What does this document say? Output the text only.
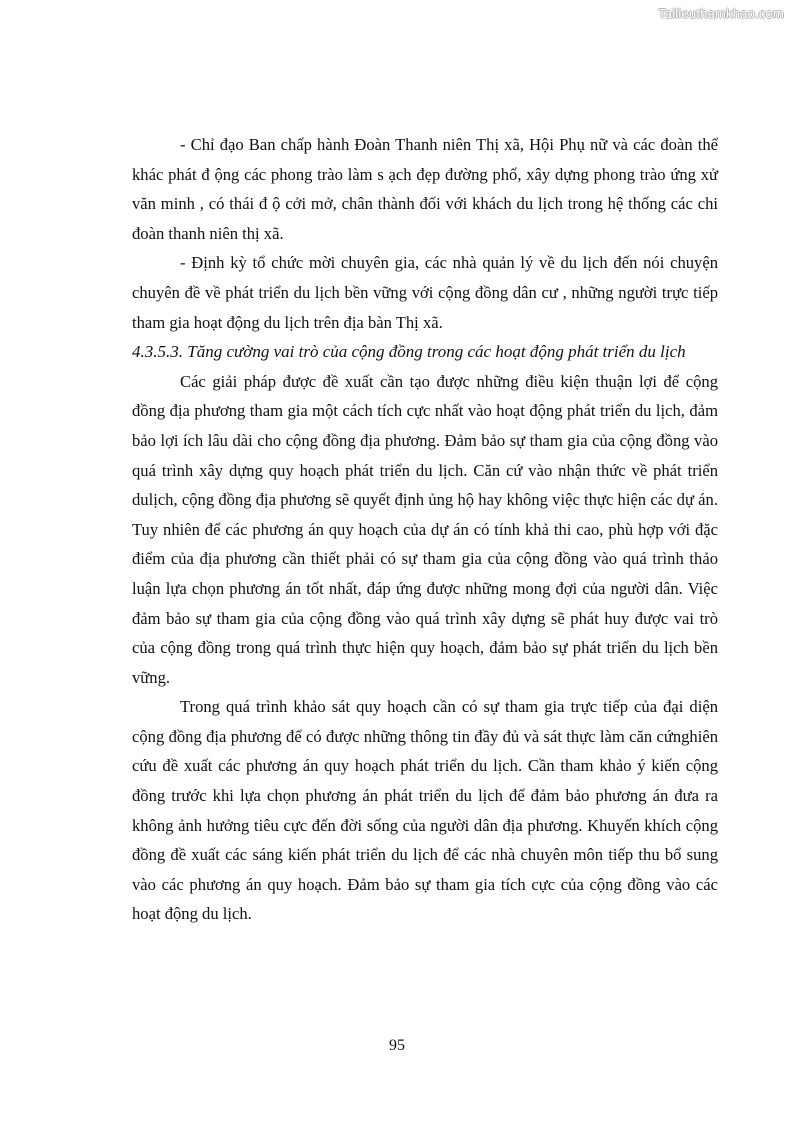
Tailieuthamkhao.com

- Chỉ đạo Ban chấp hành Đoàn Thanh niên Thị xã, Hội Phụ nữ và các đoàn thể khác phát đ ộng các phong trào làm s ạch đẹp đường phố, xây dựng phong trào ứng xử văn minh , có thái đ ộ cởi mở, chân thành đối với khách du lịch trong hệ thống các chi đoàn thanh niên thị xã.

- Định kỳ tổ chức mời chuyên gia, các nhà quản lý về du lịch đến nói chuyện chuyên đề về phát triển du lịch bền vững với cộng đồng dân cư , những người trực tiếp tham gia hoạt động du lịch trên địa bàn Thị xã.

4.3.5.3. Tăng cường vai trò của cộng đồng trong các hoạt động phát triển du lịch

Các giải pháp được đề xuất cần tạo được những điều kiện thuận lợi để cộng đồng địa phương tham gia một cách tích cực nhất vào hoạt động phát triển du lịch, đảm bảo lợi ích lâu dài cho cộng đồng địa phương. Đảm bảo sự tham gia của cộng đồng vào quá trình xây dựng quy hoạch phát triển du lịch. Căn cứ vào nhận thức về phát triển dulịch, cộng đồng địa phương sẽ quyết định ủng hộ hay không việc thực hiện các dự án. Tuy nhiên để các phương án quy hoạch của dự án có tính khả thi cao, phù hợp với đặc điểm của địa phương cần thiết phải có sự tham gia của cộng đồng vào quá trình thảo luận lựa chọn phương án tốt nhất, đáp ứng được những mong đợi của người dân. Việc đảm bảo sự tham gia của cộng đồng vào quá trình xây dựng sẽ phát huy được vai trò của cộng đồng trong quá trình thực hiện quy hoạch, đảm bảo sự phát triển du lịch bền vững.

Trong quá trình khảo sát quy hoạch cần có sự tham gia trực tiếp của đại diện cộng đồng địa phương để có được những thông tin đầy đủ và sát thực làm căn cứnghiên cứu đề xuất các phương án quy hoạch phát triển du lịch. Cần tham khảo ý kiến cộng đồng trước khi lựa chọn phương án phát triển du lịch để đảm bảo phương án đưa ra không ảnh hưởng tiêu cực đến đời sống của người dân địa phương. Khuyến khích cộng đồng đề xuất các sáng kiến phát triển du lịch để các nhà chuyên môn tiếp thu bổ sung vào các phương án quy hoạch. Đảm bảo sự tham gia tích cực của cộng đồng vào các hoạt động du lịch.

95
